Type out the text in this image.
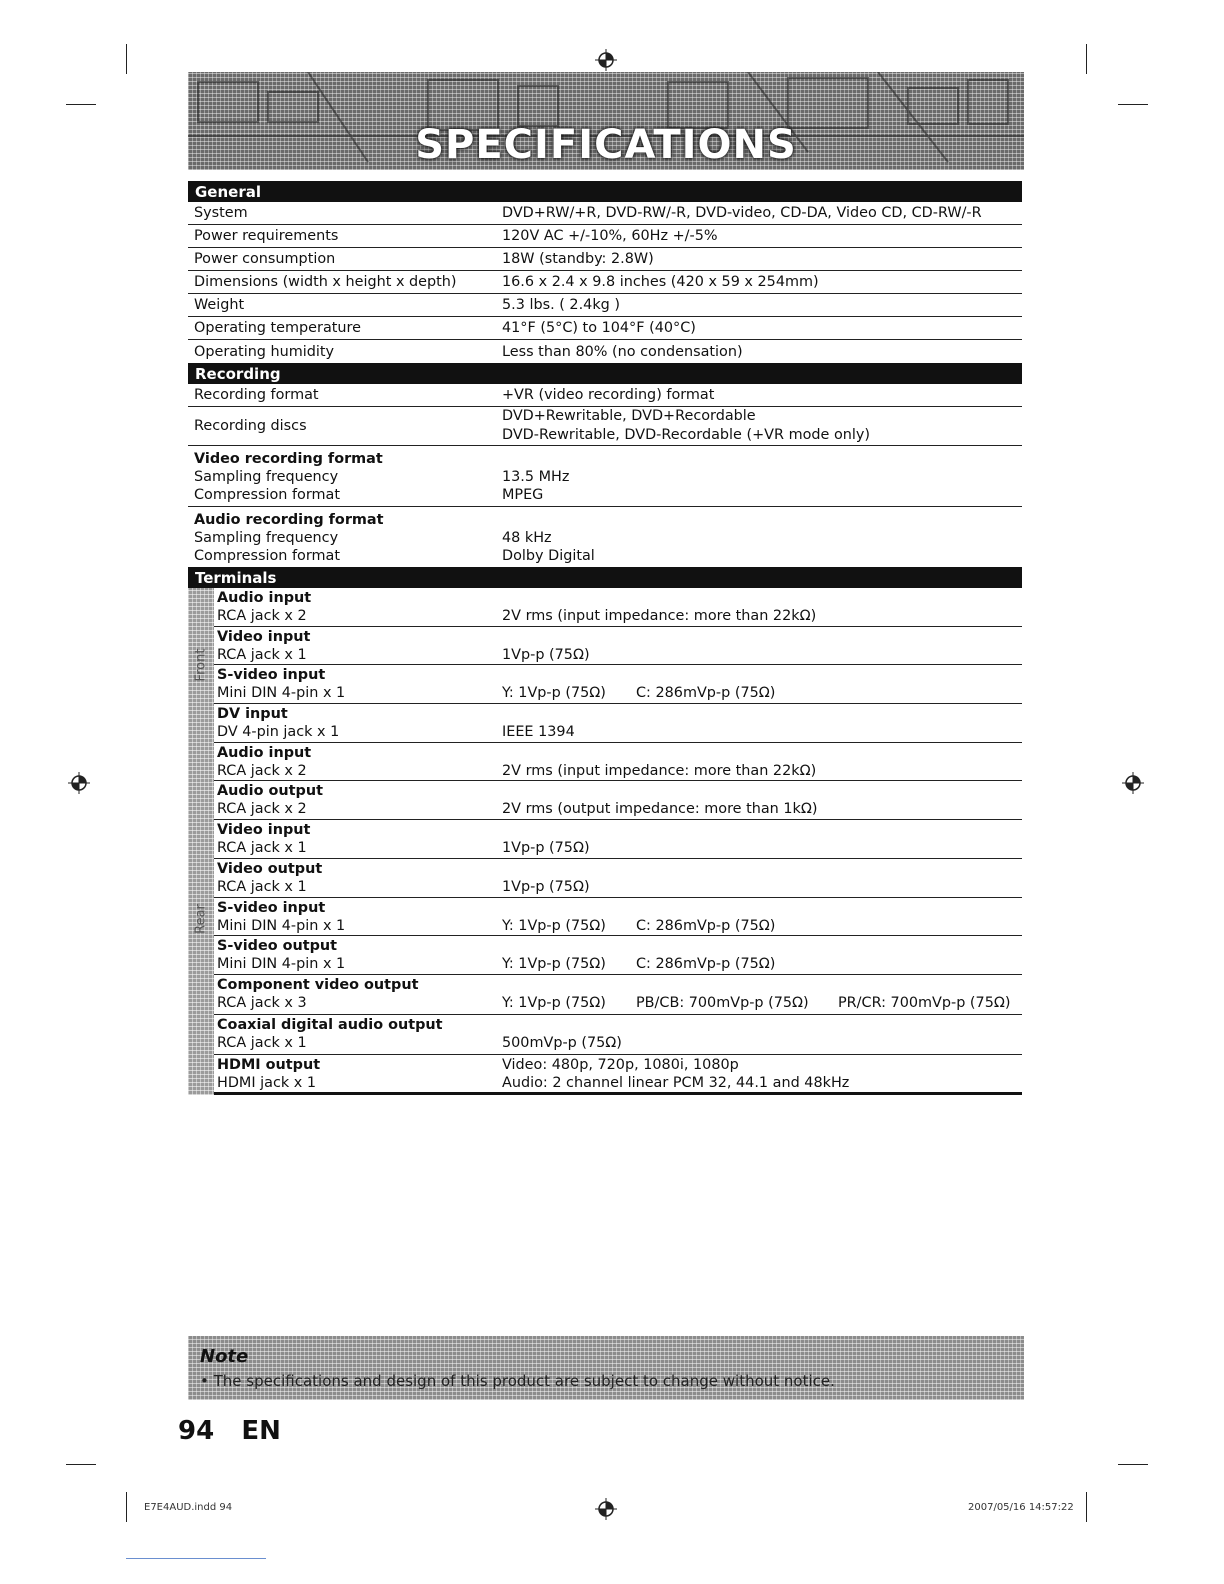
SPECIFICATIONS
General
System	DVD+RW/+R, DVD-RW/-R, DVD-video, CD-DA, Video CD, CD-RW/-R
Power requirements	120V AC +/-10%, 60Hz +/-5%
Power consumption	18W (standby: 2.8W)
Dimensions (width x height x depth)	16.6 x 2.4 x 9.8 inches (420 x 59 x 254mm)
Weight	5.3 lbs. ( 2.4kg )
Operating temperature	41°F (5°C) to 104°F (40°C)
Operating humidity	Less than 80% (no condensation)
Recording
Recording format	+VR (video recording) format
Recording discs
DVD+Rewritable, DVD+Recordable
DVD-Rewritable, DVD-Recordable (+VR mode only)
Video recording format
Sampling frequency	13.5 MHz
Compression format	MPEG
Audio recording format
Sampling frequency	48 kHz
Compression format	Dolby Digital
Terminals
Front
Audio input
RCA jack x 2	2V rms (input impedance: more than 22kΩ)
Video input
RCA jack x 1	1Vp-p (75Ω)
S-video input
Mini DIN 4-pin x 1	Y: 1Vp-p (75Ω)	C: 286mVp-p (75Ω)
DV input
DV 4-pin jack x 1	IEEE 1394
Rear
Audio input
RCA jack x 2	2V rms (input impedance: more than 22kΩ)
Audio output
RCA jack x 2	2V rms (output impedance: more than 1kΩ)
Video input
RCA jack x 1	1Vp-p (75Ω)
Video output
RCA jack x 1	1Vp-p (75Ω)
S-video input
Mini DIN 4-pin x 1	Y: 1Vp-p (75Ω)	C: 286mVp-p (75Ω)
S-video output
Mini DIN 4-pin x 1	Y: 1Vp-p (75Ω)	C: 286mVp-p (75Ω)
Component video output
RCA jack x 3	Y: 1Vp-p (75Ω)	PB/CB: 700mVp-p (75Ω)	PR/CR: 700mVp-p (75Ω)
Coaxial digital audio output
RCA jack x 1	500mVp-p (75Ω)
HDMI output	Video: 480p, 720p, 1080i, 1080p
HDMI jack x 1	Audio: 2 channel linear PCM 32, 44.1 and 48kHz
Note
• The specifications and design of this product are subject to change without notice.
94 EN
E7E4AUD.indd 94	2007/05/16 14:57:22
